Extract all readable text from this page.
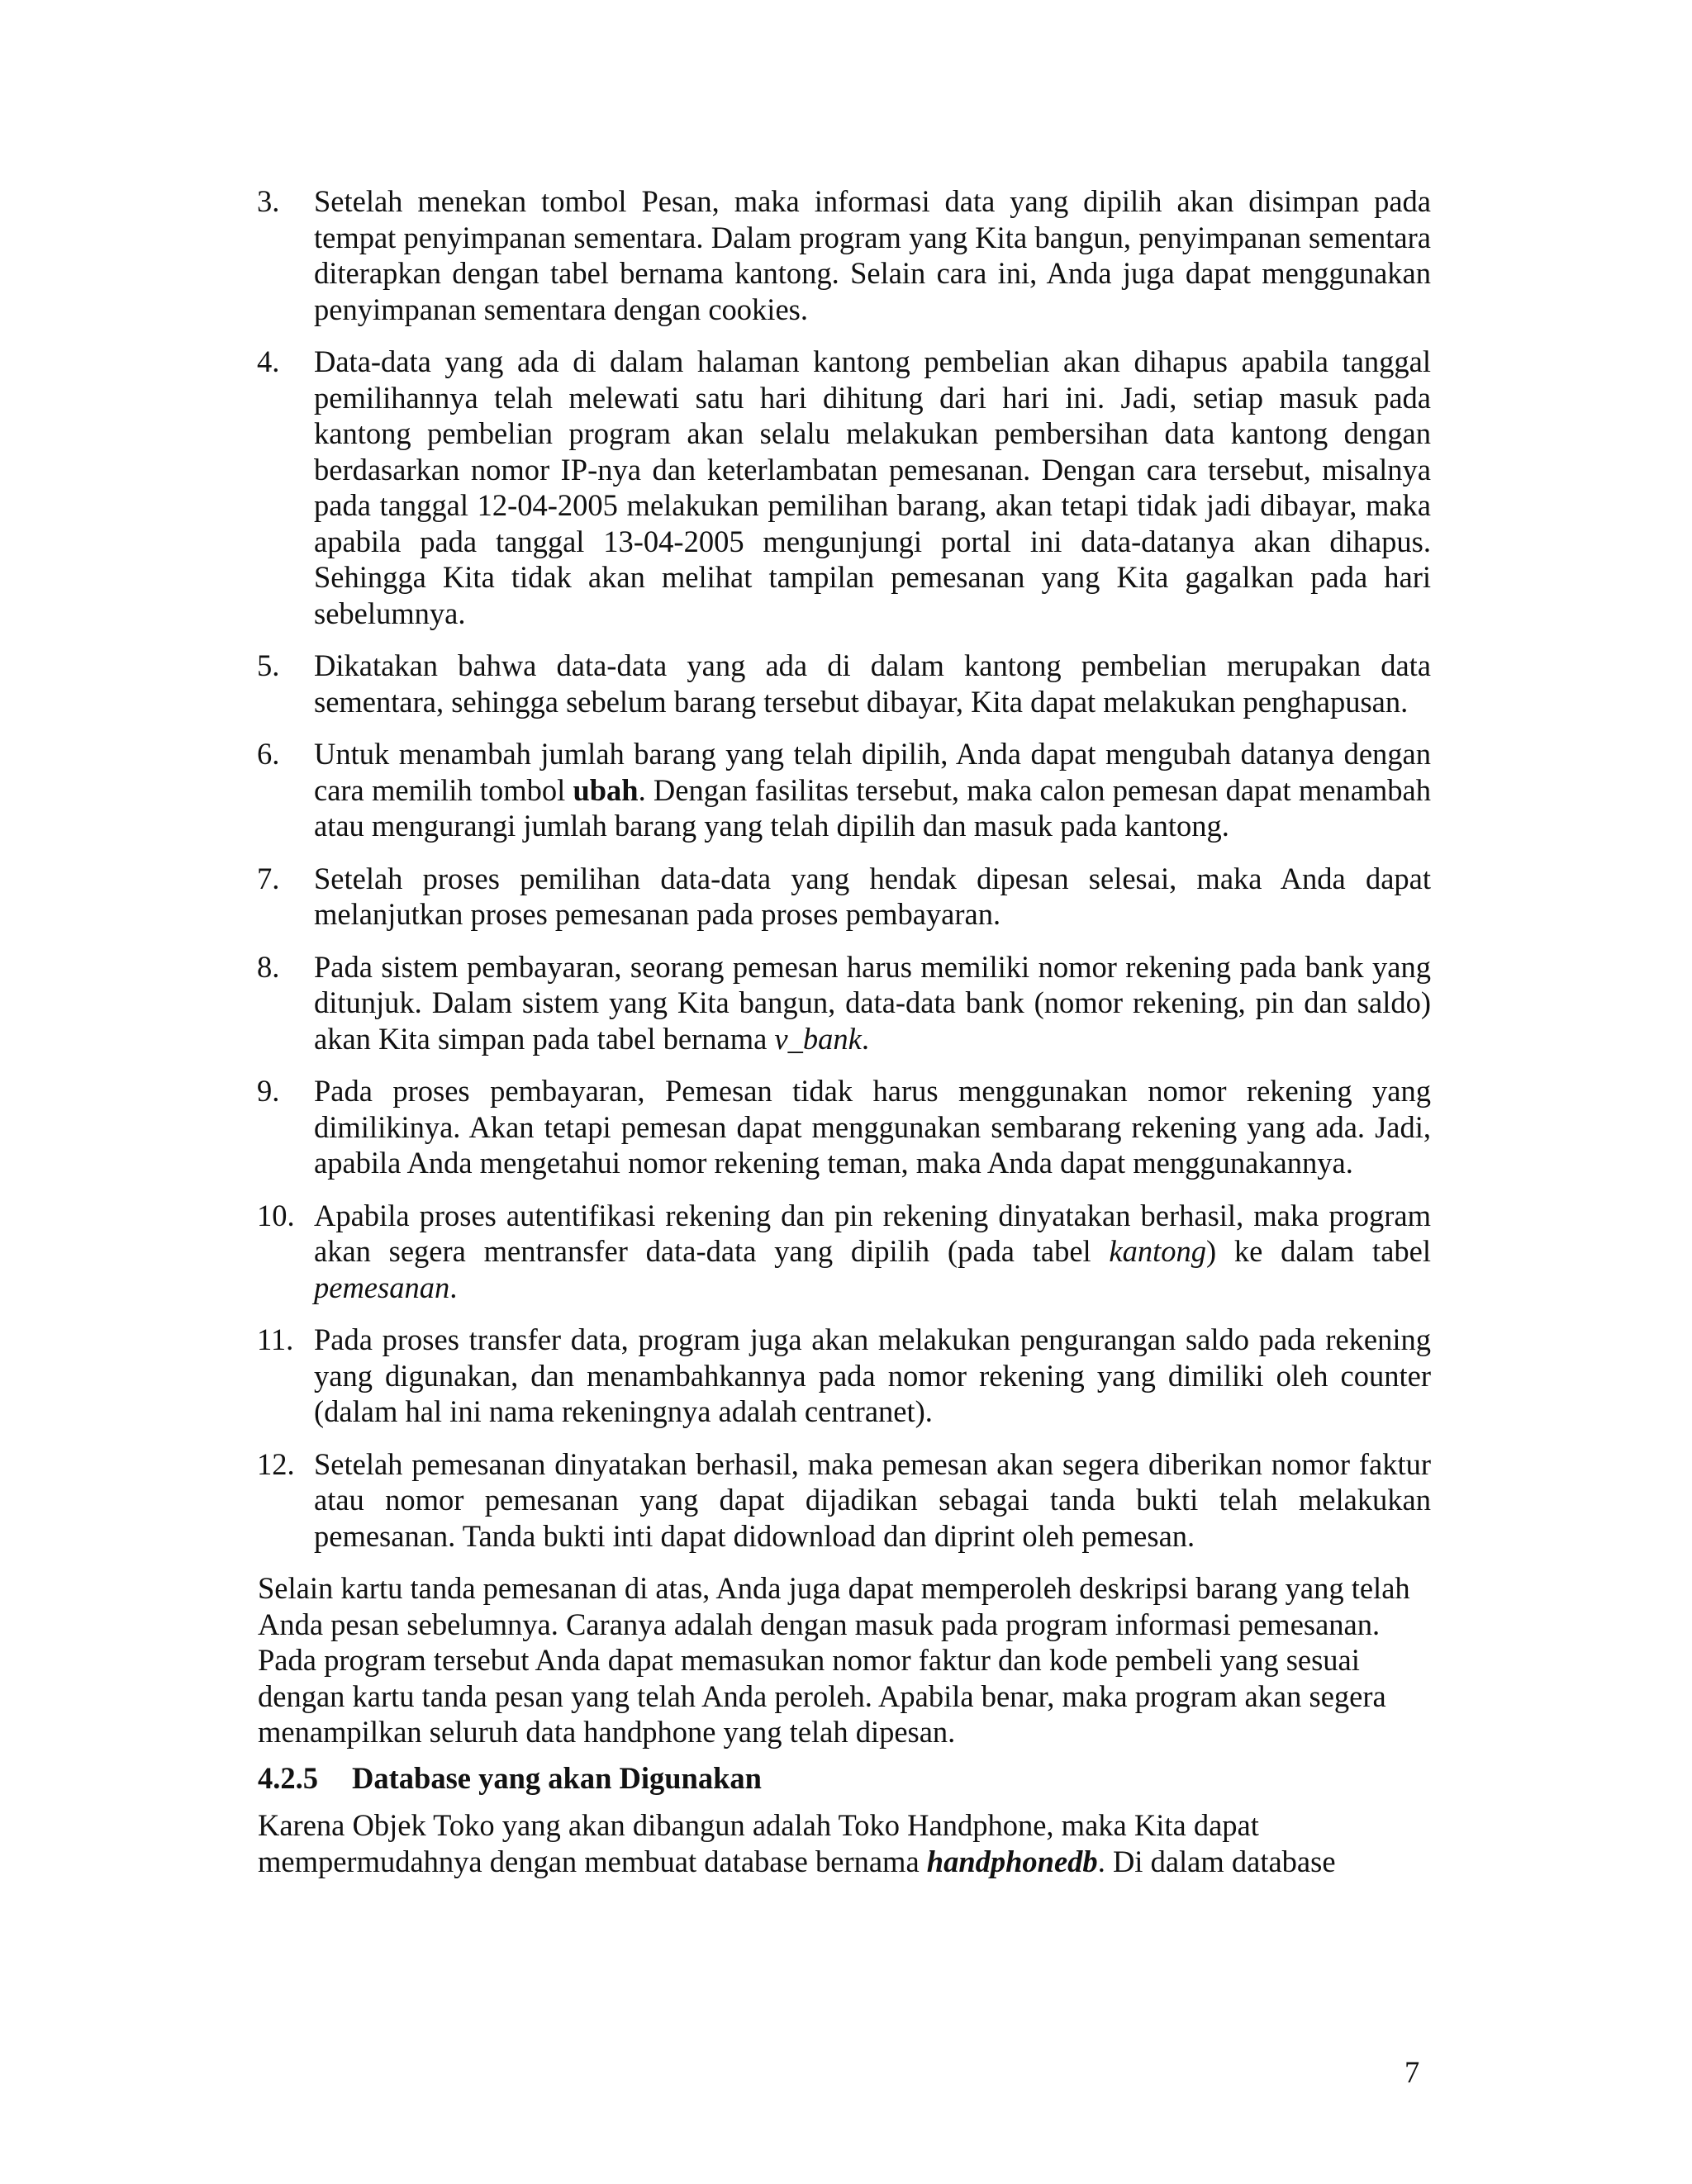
3.	Setelah menekan tombol Pesan, maka informasi data yang dipilih akan disimpan pada tempat penyimpanan sementara. Dalam program yang Kita bangun, penyimpanan sementara diterapkan dengan tabel bernama kantong. Selain cara ini, Anda juga dapat menggunakan penyimpanan sementara dengan cookies.
4.	Data-data yang ada di dalam halaman kantong pembelian akan dihapus apabila tanggal pemilihannya telah melewati satu hari dihitung dari hari ini. Jadi, setiap masuk pada kantong pembelian program akan selalu melakukan pembersihan data kantong dengan berdasarkan nomor IP-nya dan keterlambatan pemesanan. Dengan cara tersebut, misalnya pada tanggal 12-04-2005 melakukan pemilihan barang, akan tetapi tidak jadi dibayar, maka apabila pada tanggal 13-04-2005 mengunjungi portal ini data-datanya akan dihapus. Sehingga Kita tidak akan melihat tampilan pemesanan yang Kita gagalkan pada hari sebelumnya.
5.	Dikatakan bahwa data-data yang ada di dalam kantong pembelian merupakan data sementara, sehingga sebelum barang tersebut dibayar, Kita dapat melakukan penghapusan.
6.	Untuk menambah jumlah barang yang telah dipilih, Anda dapat mengubah datanya dengan cara memilih tombol ubah. Dengan fasilitas tersebut, maka calon pemesan dapat menambah atau mengurangi jumlah barang yang telah dipilih dan masuk pada kantong.
7.	Setelah proses pemilihan data-data yang hendak dipesan selesai, maka Anda dapat melanjutkan proses pemesanan pada proses pembayaran.
8.	Pada sistem pembayaran, seorang pemesan harus memiliki nomor rekening pada bank yang ditunjuk. Dalam sistem yang Kita bangun, data-data bank (nomor rekening, pin dan saldo) akan Kita simpan pada tabel bernama v_bank.
9.	Pada proses pembayaran, Pemesan tidak harus menggunakan nomor rekening yang dimilikinya. Akan tetapi pemesan dapat menggunakan sembarang rekening yang ada. Jadi, apabila Anda mengetahui nomor rekening teman, maka Anda dapat menggunakannya.
10. Apabila proses autentifikasi rekening dan pin rekening dinyatakan berhasil, maka program akan segera mentransfer data-data yang dipilih (pada tabel kantong) ke dalam tabel pemesanan.
11. Pada proses transfer data, program juga akan melakukan pengurangan saldo pada rekening yang digunakan, dan menambahkannya pada nomor rekening yang dimiliki oleh counter (dalam hal ini nama rekeningnya adalah centranet).
12. Setelah pemesanan dinyatakan berhasil, maka pemesan akan segera diberikan nomor faktur atau nomor pemesanan yang dapat dijadikan sebagai tanda bukti telah melakukan pemesanan. Tanda bukti inti dapat didownload dan diprint oleh pemesan.

Selain kartu tanda pemesanan di atas, Anda juga dapat memperoleh deskripsi barang yang telah Anda pesan sebelumnya. Caranya adalah dengan masuk pada program informasi pemesanan. Pada program tersebut Anda dapat memasukan nomor faktur dan kode pembeli yang sesuai dengan kartu tanda pesan yang telah Anda peroleh. Apabila benar, maka program akan segera menampilkan seluruh data handphone yang telah dipesan.

4.2.5 Database yang akan Digunakan

Karena Objek Toko yang akan dibangun adalah Toko Handphone, maka Kita dapat mempermudahnya dengan membuat database bernama handphonedb. Di dalam database

7
